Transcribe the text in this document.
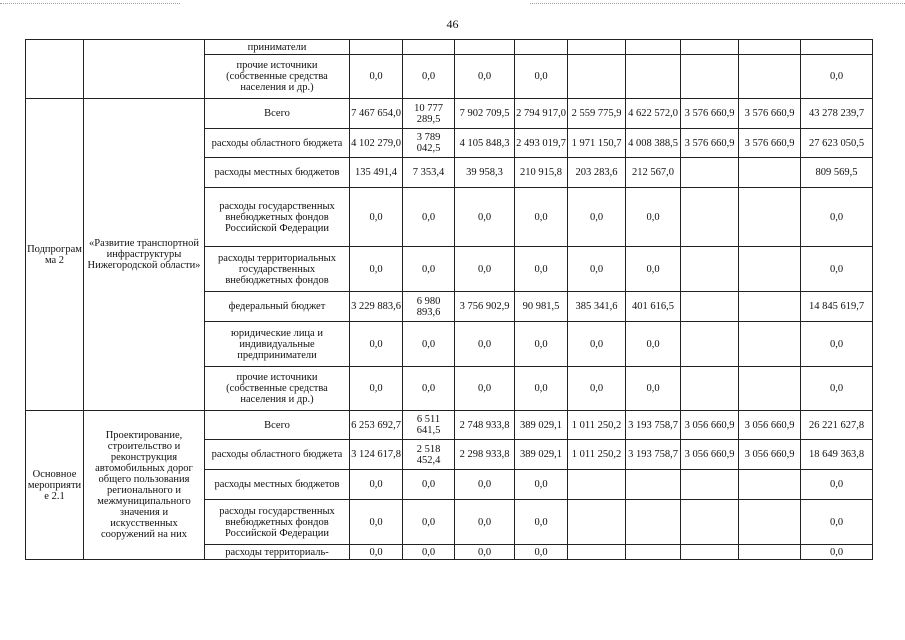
46
		приниматели									
		прочие источники (собственные средства населения и др.)	0,0	0,0	0,0	0,0					0,0
Подпрограмма 2	«Развитие транспортной инфраструктуры Нижегородской области»	Всего	7 467 654,0	10 777 289,5	7 902 709,5	2 794 917,0	2 559 775,9	4 622 572,0	3 576 660,9	3 576 660,9	43 278 239,7
		расходы областного бюджета	4 102 279,0	3 789 042,5	4 105 848,3	2 493 019,7	1 971 150,7	4 008 388,5	3 576 660,9	3 576 660,9	27 623 050,5
		расходы местных бюджетов	135 491,4	7 353,4	39 958,3	210 915,8	203 283,6	212 567,0			809 569,5
		расходы государственных внебюджетных фондов Российской Федерации	0,0	0,0	0,0	0,0	0,0	0,0			0,0
		расходы территориальных государственных внебюджетных фондов	0,0	0,0	0,0	0,0	0,0	0,0			0,0
		федеральный бюджет	3 229 883,6	6 980 893,6	3 756 902,9	90 981,5	385 341,6	401 616,5			14 845 619,7
		юридические лица и индивидуальные предприниматели	0,0	0,0	0,0	0,0	0,0	0,0			0,0
		прочие источники (собственные средства населения и др.)	0,0	0,0	0,0	0,0	0,0	0,0			0,0
Основное мероприятие 2.1	Проектирование, строительство и реконструкция автомобильных дорог общего пользования регионального и межмуниципального значения и искусственных сооружений на них	Всего	6 253 692,7	6 511 641,5	2 748 933,8	389 029,1	1 011 250,2	3 193 758,7	3 056 660,9	3 056 660,9	26 221 627,8
		расходы областного бюджета	3 124 617,8	2 518 452,4	2 298 933,8	389 029,1	1 011 250,2	3 193 758,7	3 056 660,9	3 056 660,9	18 649 363,8
		расходы местных бюджетов	0,0	0,0	0,0	0,0					0,0
		расходы государственных внебюджетных фондов Российской Федерации	0,0	0,0	0,0	0,0					0,0
		расходы территориаль-	0,0	0,0	0,0	0,0					0,0
